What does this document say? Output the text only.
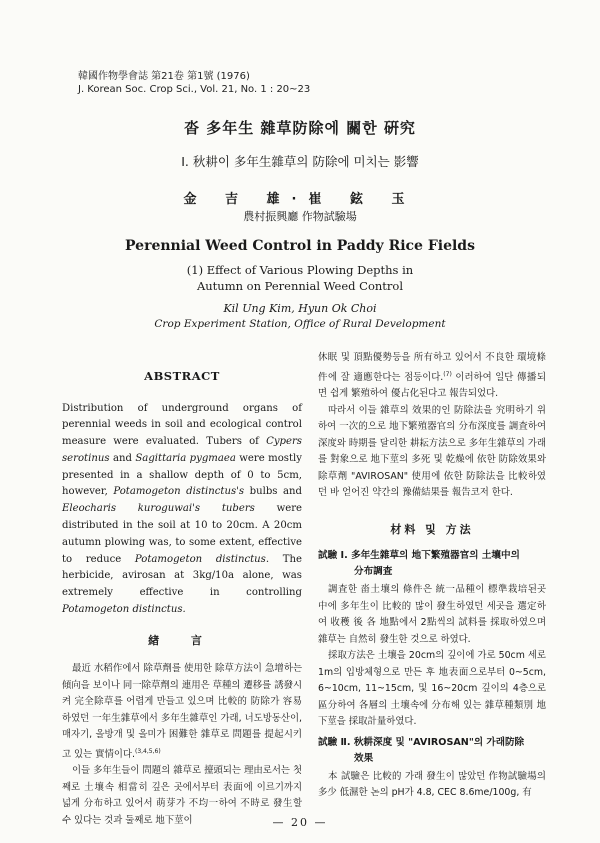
韓國作物學會誌 第21卷 第1號 (1976)
J. Korean Soc. Crop Sci., Vol. 21, No. 1 : 20~23
沓 多年生 雜草防除에 關한 硏究
Ⅰ. 秋耕이 多年生雜草의 防除에 미치는 影響
金 吉 雄·崔 鉉 玉
農村振興廳 作物試驗場
Perennial Weed Control in Paddy Rice Fields
(1) Effect of Various Plowing Depths in
Autumn on Perennial Weed Control
Kil Ung Kim, Hyun Ok Choi
Crop Experiment Station, Office of Rural Development
ABSTRACT
Distribution of underground organs of perennial weeds in soil and ecological control measure were evaluated. Tubers of Cypers serotinus and Sagittaria pygmaea were mostly presented in a shallow depth of 0 to 5cm, however, Potamogeton distinctus's bulbs and Eleocharis kuroguwai's tubers were distributed in the soil at 10 to 20cm. A 20cm autumn plowing was, to some extent, effective to reduce Potamogeton distinctus. The herbicide, avirosan at 3kg/10a alone, was extremely effective in controlling Potamogeton distinctus.
緖 言

最近 水稻作에서 除草劑를 使用한 除草方法이 急增하는 傾向을 보이나 同一除草劑의 連用은 草種의 遷移를 誘發시켜 完全除草를 어렵게 만들고 있으며 比較的 防除가 容易하였던 一年生雜草에서 多年生雜草인 가래, 너도방동산이, 매자기, 올방개 및 올미가 困難한 雜草로 問題를 提起시키고 있는 實情이다.$^{(3,4,5,6)}$

이들 多年生들이 問題의 雜草로 擡頭되는 理由로서는 첫째로 土壤속 相當히 깊은 곳에서부터 表面에 이르기까지 넓게 分布하고 있어서 萌芽가 不均一하여 不時로 發生할 수 있다는 것과 둘째로 地下莖이

休眠 및 頂點優勢등을 所有하고 있어서 不良한 環境條件에 잘 適應한다는 점등이다.$^{(7)}$ 이러하여 일단 傳播되면 쉽게 繁殖하여 優占化된다고 報告되었다.

따라서 이들 雜草의 效果的인 防除法을 究明하기 위하여 一次的으로 地下繁殖器官의 分布深度를 調査하여 深度와 時期를 달리한 耕耘方法으로 多年生雜草의 가래를 對象으로 地下莖의 多死 및 乾燥에 依한 防除效果와 除草劑 "AVIROSAN" 使用에 依한 防除法을 比較하였던 바 얻어진 약간의 豫備結果를 報告코저 한다.

材料 및 方法
試驗 Ⅰ. 多年生雜草의 地下繁殖器官의 土壤中의
分布調査

調査한 畓土壤의 條件은 統一品種이 標準栽培된곳 中에 多年生이 比較的 많이 發生하였던 세곳을 選定하여 收穫 後 各 地點에서 2點씩의 試料를 採取하였으며 雜草는 自然히 發生한 것으로 하였다.

採取方法은 土壤을 20cm의 깊이에 가로 50cm 세로 1m의 입방체형으로 만든 후 地表面으로부터 0~5cm, 6~10cm, 11~15cm, 및 16~20cm 깊이의 4층으로 區分하여 各層의 土壤속에 分布해 있는 雜草種類別 地下莖을 採取計量하였다.

試驗 Ⅱ. 秋耕深度 및 "AVIROSAN"의 가래防除
效果

本 試驗은 比較的 가래 發生이 많았던 作物試驗場의 多少 低濕한 논의 pH가 4.8, CEC 8.6me/100g, 有

— 20 —
